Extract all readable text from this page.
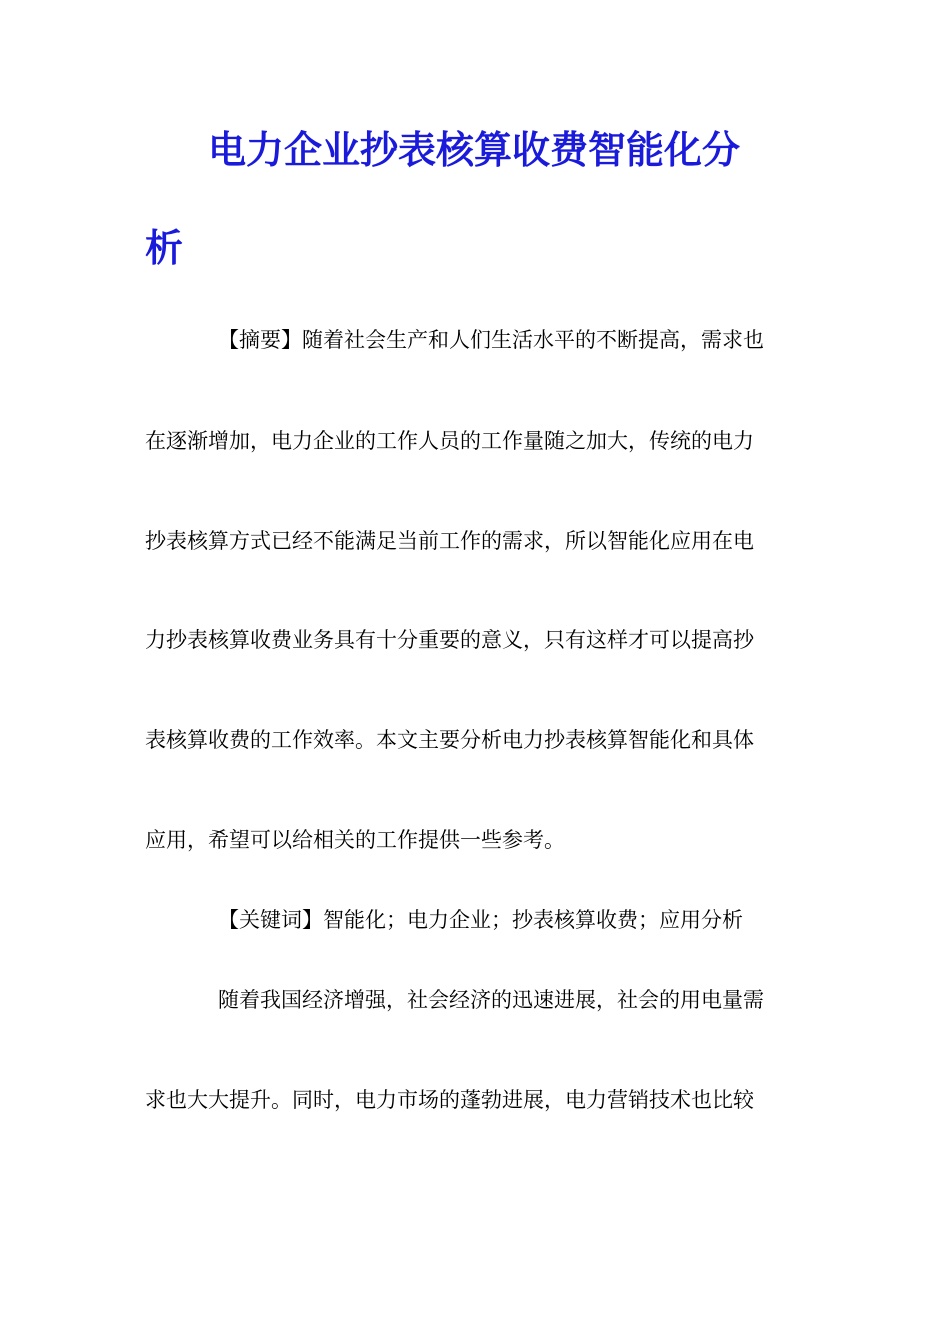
电力企业抄表核算收费智能化分
析
【摘要】随着社会生产和人们生活水平的不断提高，需求也
在逐渐增加，电力企业的工作人员的工作量随之加大，传统的电力
抄表核算方式已经不能满足当前工作的需求，所以智能化应用在电
力抄表核算收费业务具有十分重要的意义，只有这样才可以提高抄
表核算收费的工作效率。本文主要分析电力抄表核算智能化和具体
应用，希望可以给相关的工作提供一些参考。
【关键词】智能化；电力企业；抄表核算收费；应用分析
随着我国经济增强，社会经济的迅速进展，社会的用电量需
求也大大提升。同时，电力市场的蓬勃进展，电力营销技术也比较
